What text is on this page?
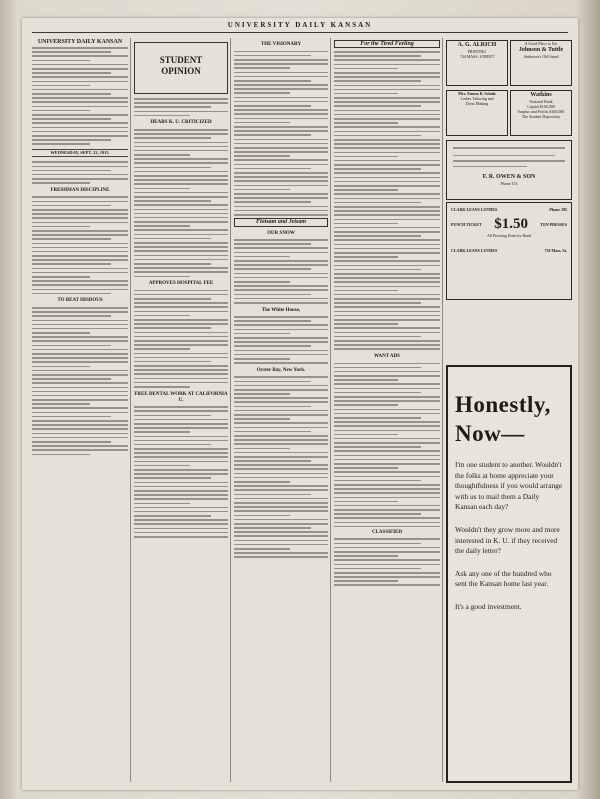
UNIVERSITY DAILY KANSAN
UNIVERSITY DAILY KANSAN
WEDNESDAY, SEPT. 22, 1915.
FRESHMAN DISCIPLINE
TO BEAT HISDOUS
STUDENT
OPINION
HEARS K. U. CRITICIZED
APPROVES HOSPITAL FEE
FREE DENTAL WORK AT CALIFORNIA U.
THE VISIONARY
Flotsam and Jetsam
OUR SNOW
The White House,
Oyster Bay, New York.
For the Tired Feeling
WANT ADS
CLASSIFIED
A. G. ALRICH
PRINTING
744 MASS. STREET
A Good Place to Eat
Johnson & Tuttle
Anderson's Old Stand
Mrs. Emma D. Schulz
Ladies Tailoring and
Dress Making
Watkins
National Bank
Capital $100,000
Surplus and Profits $100,000
The Student Depository
F. R. OWEN & SON
Phone 153
CLARK LEANS LOTHES	Phone 395
PUNCH TICKET $1.50	TEN PRESSES
All Pressing Done by Hand
CLARK LEANS LOTHES	730 Mass. St.
Honestly,
Now—

I'm one student to another. Wouldn't the folks at home appreciate your thoughtfulness if you would arrange with us to mail them a Daily Kansan each day?

Wouldn't they grow more and more interested in K. U. if they received the daily letter?

Ask any one of the hundred who sent the Kansan home last year.

It's a good investment.
